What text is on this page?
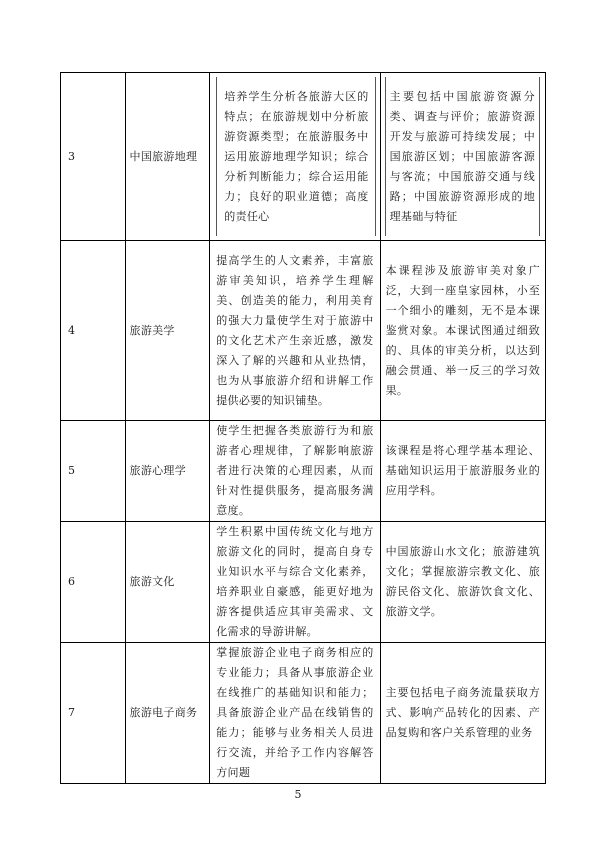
3	中国旅游地理	培养学生分析各旅游大区的特点；在旅游规划中分析旅游资源类型；在旅游服务中运用旅游地理学知识；综合分析判断能力；综合运用能力；良好的职业道德；高度的责任心	主要包括中国旅游资源分类、调查与评价；旅游资源开发与旅游可持续发展；中国旅游区划；中国旅游客源与客流；中国旅游交通与线路；中国旅游资源形成的地理基础与特征

4	旅游美学	提高学生的人文素养，丰富旅游审美知识，培养学生理解美、创造美的能力，利用美育的强大力量使学生对于旅游中的文化艺术产生亲近感，激发深入了解的兴趣和从业热情，也为从事旅游介绍和讲解工作提供必要的知识铺垫。	本课程涉及旅游审美对象广泛，大到一座皇家园林，小至一个细小的雕刻，无不是本课鉴赏对象。本课试图通过细致的、具体的审美分析，以达到融会贯通、举一反三的学习效果。

5	旅游心理学	使学生把握各类旅游行为和旅游者心理规律，了解影响旅游者进行决策的心理因素，从而针对性提供服务，提高服务满意度。	该课程是将心理学基本理论、基础知识运用于旅游服务业的应用学科。

6	旅游文化	学生积累中国传统文化与地方旅游文化的同时，提高自身专业知识水平与综合文化素养，培养职业自豪感，能更好地为游客提供适应其审美需求、文化需求的导游讲解。	中国旅游山水文化；旅游建筑文化；掌握旅游宗教文化、旅游民俗文化、旅游饮食文化、旅游文学。

7	旅游电子商务	掌握旅游企业电子商务相应的专业能力；具备从事旅游企业在线推广的基础知识和能力；具备旅游企业产品在线销售的能力；能够与业务相关人员进行交流，并给予工作内容解答方问题	主要包括电子商务流量获取方式、影响产品转化的因素、产品复购和客户关系管理的业务
5
